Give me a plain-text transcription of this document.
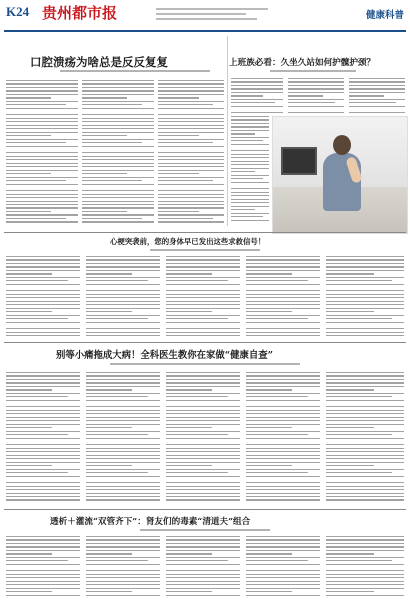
K24
贵州都市报
	健康科普
口腔溃疡为啥总是反反复复	上班族必看：久坐久站如何护髋护颈？
心梗突袭前，您的身体早已发出这些求救信号！
别等小痛拖成大病！全科医生教你在家做“健康自查”
透析＋灌流“双管齐下”：肾友们的毒素“清道夫”组合
